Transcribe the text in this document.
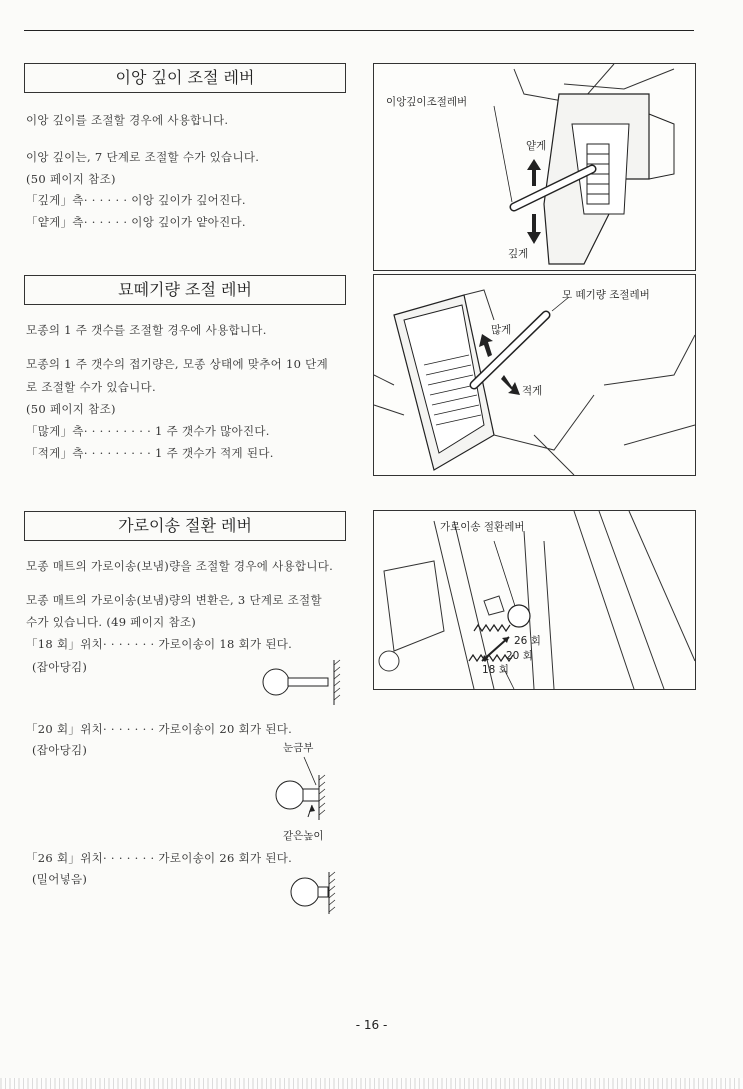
이앙 깊이 조절 레버
이앙 깊이를 조절할 경우에 사용합니다.
이앙 깊이는, 7 단계로 조절할 수가 있습니다.
(50 페이지 참조)
「깊게」측· · · · · · 이앙 깊이가 깊어진다.
「얕게」측· · · · · · 이앙 깊이가 얕아진다.
이앙깊이조절레버
얕게
깊게
묘떼기량 조절 레버
모종의 1 주 갯수를 조절할 경우에 사용합니다.
모종의 1 주 갯수의 접기량은, 모종 상태에 맞추어 10 단계
로 조절할 수가 있습니다.
(50 페이지 참조)
「많게」측· · · · · · · · · 1 주 갯수가 많아진다.
「적게」측· · · · · · · · · 1 주 갯수가 적게 된다.
모 떼기량 조절레버
많게
적게
가로이송 절환 레버
모종 매트의 가로이송(보냄)량을 조절할 경우에 사용합니다.
모종 매트의 가로이송(보냄)량의 변환은, 3 단계로 조절할
수가 있습니다. (49 페이지 참조)
「18 회」위치· · · · · · · 가로이송이 18 회가 된다.
(잡아당김)
「20 회」위치· · · · · · · 가로이송이 20 회가 된다.
(잡아당김)	눈금부
같은높이
「26 회」위치· · · · · · · 가로이송이 26 회가 된다.
(밀어넣음)
가로이송 절환레버
26 회
20 회
18 회
- 16 -
